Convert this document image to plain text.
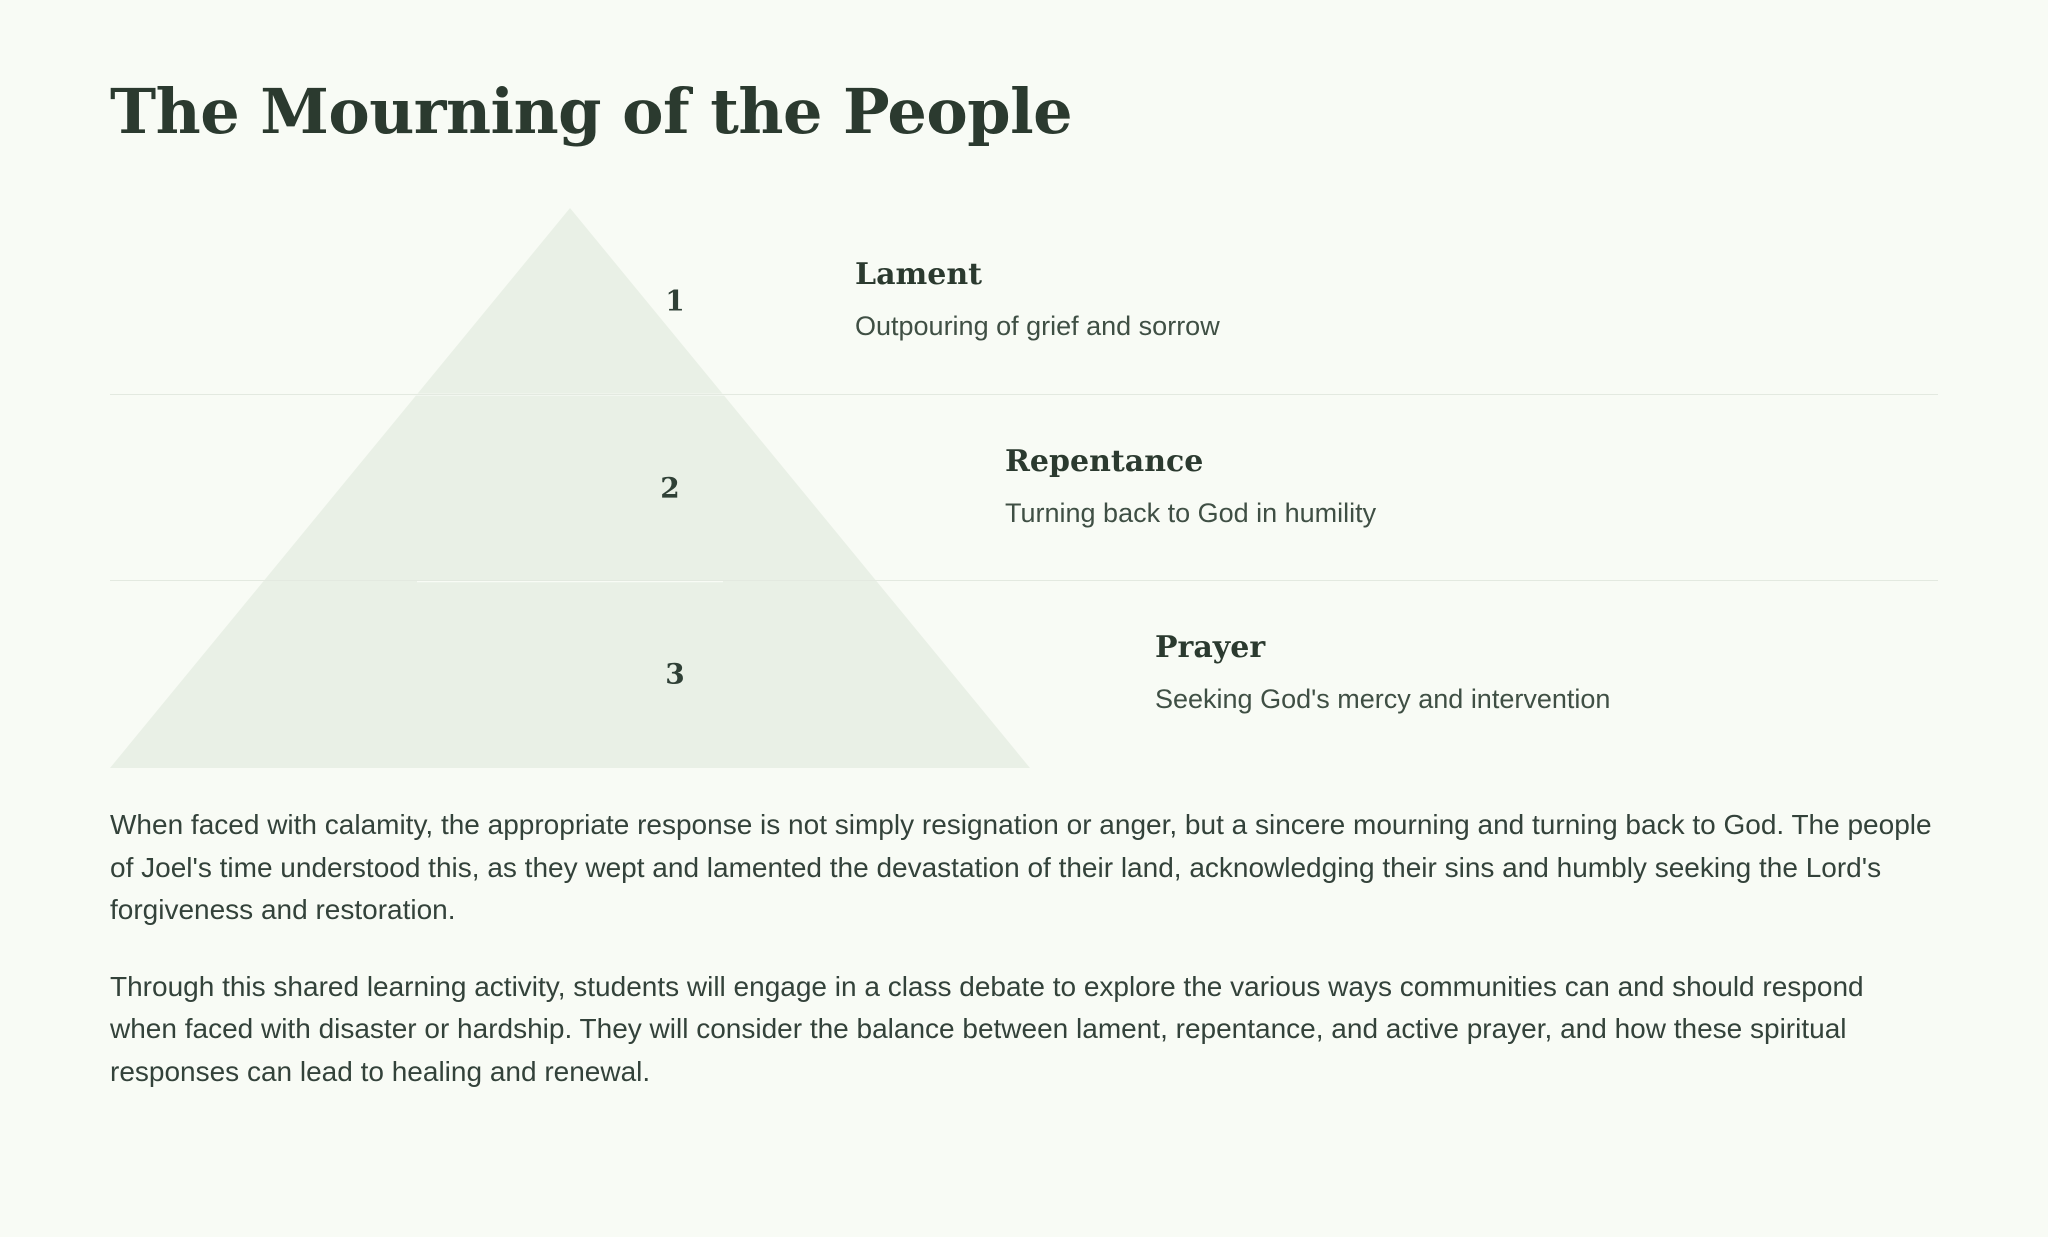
The Mourning of the People
1
Lament
Outpouring of grief and sorrow
2
Repentance
Turning back to God in humility
3
Prayer
Seeking God's mercy and intervention

When faced with calamity, the appropriate response is not simply resignation or anger, but a sincere mourning and turning back to God. The people of Joel's time understood this, as they wept and lamented the devastation of their land, acknowledging their sins and humbly seeking the Lord's forgiveness and restoration.

Through this shared learning activity, students will engage in a class debate to explore the various ways communities can and should respond when faced with disaster or hardship. They will consider the balance between lament, repentance, and active prayer, and how these spiritual responses can lead to healing and renewal.
